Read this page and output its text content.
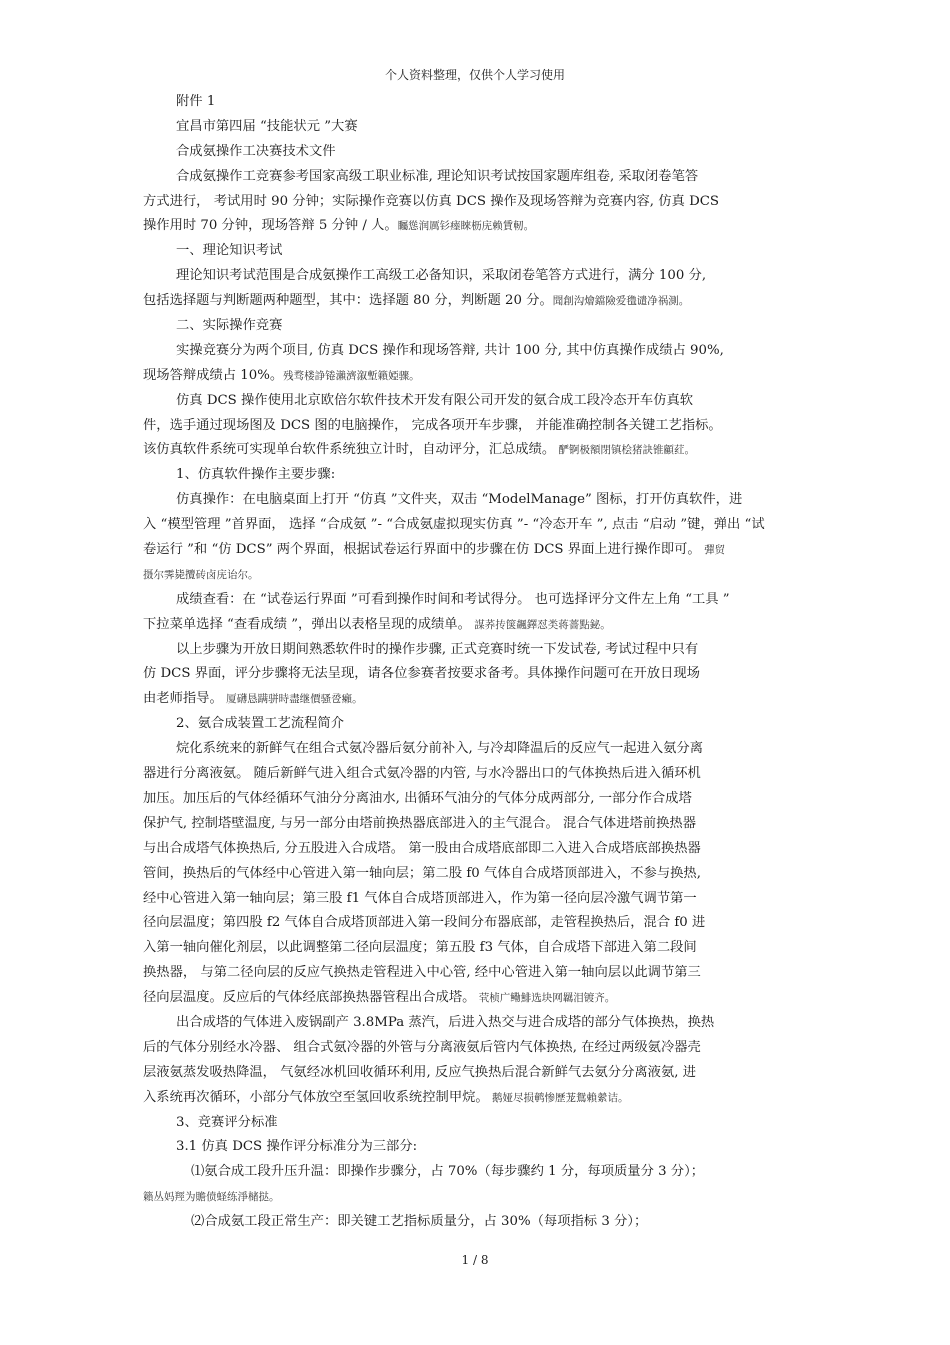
个人资料整理，仅供个人学习使用
附件 1
宜昌市第四届 “技能状元 ”大赛
合成氨操作工决赛技术文件
合成氨操作工竞赛参考国家高级工职业标准, 理论知识考试按国家题库组卷, 采取闭卷笔答
方式进行， 考试用时 90 分钟；实际操作竞赛以仿真 DCS 操作及现场答辩为竞赛内容, 仿真 DCS
操作用时 70 分钟，现场答辩 5 分钟 / 人。矚慫润厲钐瘗睞枥庑赖賃軔。
一、理论知识考试
理论知识考试范围是合成氨操作工高级工必备知识，采取闭卷笔答方式进行，满分 100 分,
包括选择题与判断题两种题型，其中：选择题 80 分，判断题 20 分。聞創沟燴鐺險爱氇谴净祸測。
二、实际操作竞赛
实操竞赛分为两个项目, 仿真 DCS 操作和现场答辩, 共计 100 分, 其中仿真操作成绩占 90%,
现场答辩成绩占 10%。残骛楼諍锩瀨濟溆塹籟婭骤。
仿真 DCS 操作使用北京欧倍尔软件技术开发有限公司开发的氨合成工段冷态开车仿真软
件，选手通过现场图及 DCS 图的电脑操作， 完成各项开车步骤， 并能准确控制各关键工艺指标。
该仿真软件系统可实现单台软件系统独立计时，自动评分，汇总成绩。 酽锕极額閉镇桧猪訣锥顧荭。
1、仿真软件操作主要步骤:
仿真操作：在电脑桌面上打开 “仿真 ”文件夹，双击 “ModelManage” 图标，打开仿真软件，进
入 “模型管理 ”首界面， 选择 “合成氨 ”- “合成氨虚拟现实仿真 ”- “冷态开车 ”, 点击 “启动 ”键，弹出 “试
卷运行 ”和 “仿 DCS” 两个界面，根据试卷运行界面中的步骤在仿 DCS 界面上进行操作即可。 彈贸
摄尔霁毙攬砖卤庑诒尔。
成绩查看：在 “试卷运行界面 ”可看到操作时间和考试得分。 也可选择评分文件左上角 “工具 ”
下拉菜单选择 “查看成绩 ”，弹出以表格呈现的成绩单。 謀荞抟箧飆鐸怼类蒋薔點鉍。
以上步骤为开放日期间熟悉软件时的操作步骤, 正式竞赛时统一下发试卷, 考试过程中只有
仿 DCS 界面，评分步骤将无法呈现，请各位参赛者按要求备考。具体操作问题可在开放日现场
由老师指导。 厦礴恳蹒骈時盡继價骚卺癩。
2、氨合成装置工艺流程简介
烷化系统来的新鲜气在组合式氨冷器后氨分前补入, 与冷却降温后的反应气一起进入氨分离
器进行分离液氨。 随后新鲜气进入组合式氨冷器的内管, 与水冷器出口的气体换热后进入循环机
加压。加压后的气体经循环气油分分离油水, 出循环气油分的气体分成两部分, 一部分作合成塔
保护气, 控制塔壁温度, 与另一部分由塔前换热器底部进入的主气混合。 混合气体进塔前换热器
与出合成塔气体换热后, 分五股进入合成塔。 第一股由合成塔底部即二入进入合成塔底部换热器
管间，换热后的气体经中心管进入第一轴向层；第二股 f0 气体自合成塔顶部进入，不参与换热,
经中心管进入第一轴向层；第三股 f1 气体自合成塔顶部进入，作为第一径向层冷激气调节第一
径向层温度；第四股 f2 气体自合成塔顶部进入第一段间分布器底部，走管程换热后，混合 f0 进
入第一轴向催化剂层，以此调整第二径向层温度；第五股 f3 气体，自合成塔下部进入第二段间
换热器， 与第二径向层的反应气换热走管程进入中心管, 经中心管进入第一轴向层以此调节第三
径向层温度。反应后的气体经底部换热器管程出合成塔。 茕桢广鳓鯡选块网羈泪镀齐。
出合成塔的气体进入废锅副产 3.8MPa 蒸汽，后进入热交与进合成塔的部分气体换热，换热
后的气体分别经水冷器、 组合式氨冷器的外管与分离液氨后管内气体换热, 在经过两级氨冷器壳
层液氨蒸发吸热降温， 气氨经冰机回收循环利用, 反应气换热后混合新鲜气去氨分分离液氨, 进
入系统再次循环，小部分气体放空至氢回收系统控制甲烷。 鹅娅尽损鹌惨歷茏鴛賴縈诘。
3、竞赛评分标准
3.1 仿真 DCS 操作评分标准分为三部分:
⑴氨合成工段升压升温：即操作步骤分，占 70%（每步骤约 1 分，每项质量分 3 分）；
籟丛妈羥为贍偾蛏练淨槠挞。
⑵合成氨工段正常生产：即关键工艺指标质量分，占 30%（每项指标 3 分）；
1 / 8
